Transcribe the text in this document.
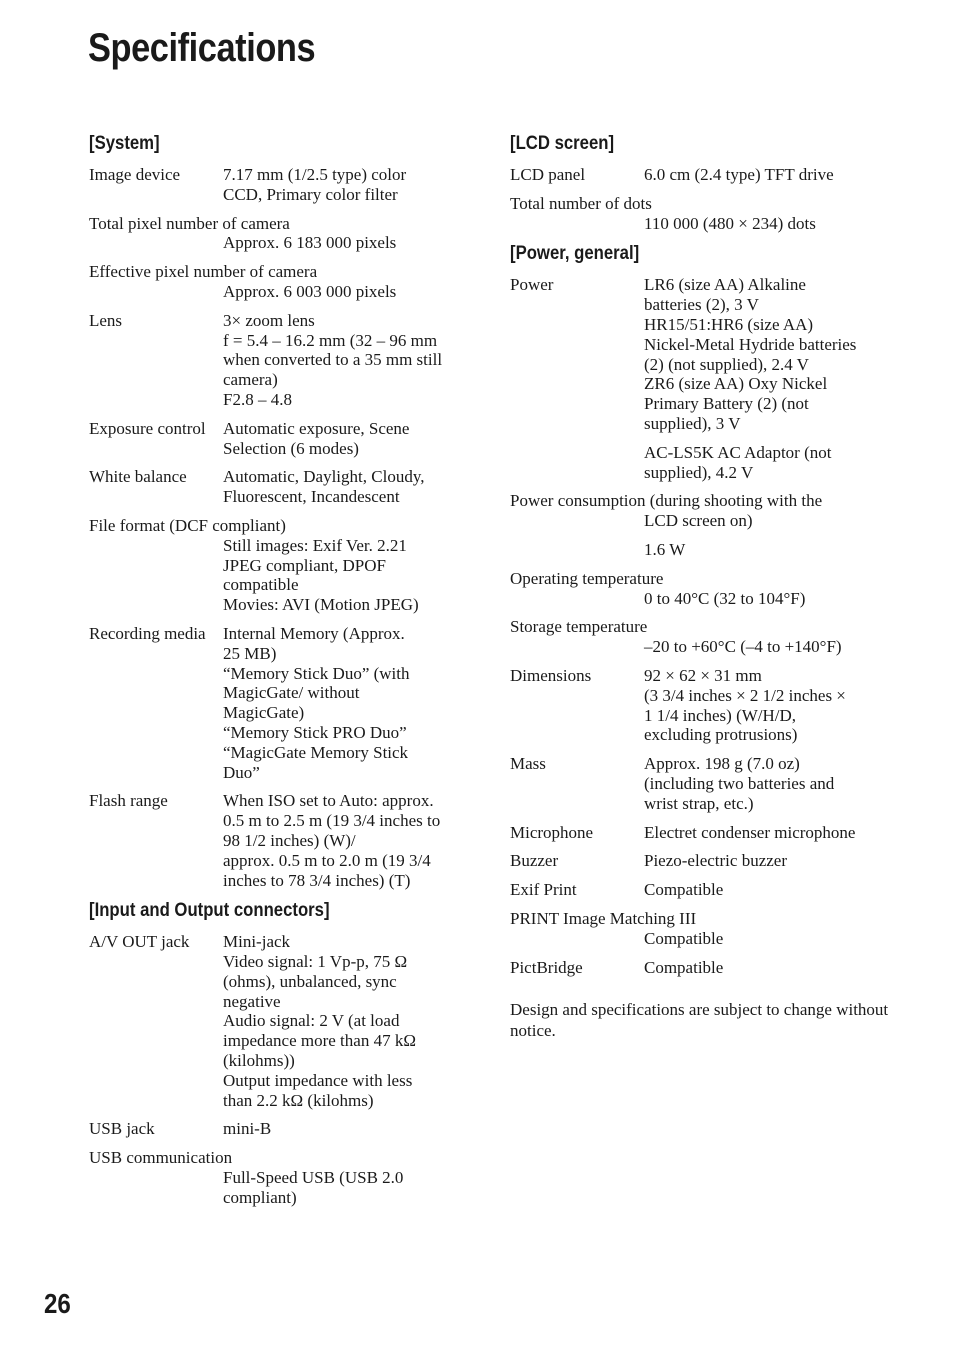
Specifications
[System]
Image device	7.17 mm (1/2.5 type) color
CCD, Primary color filter
Total pixel number of camera
Approx. 6 183 000 pixels
Effective pixel number of camera
Approx. 6 003 000 pixels
Lens	3× zoom lens
f = 5.4 – 16.2 mm (32 – 96 mm
when converted to a 35 mm still
camera)
F2.8 – 4.8
Exposure control	Automatic exposure, Scene
Selection (6 modes)
White balance	Automatic, Daylight, Cloudy,
Fluorescent, Incandescent
File format (DCF compliant)
Still images: Exif Ver. 2.21
JPEG compliant, DPOF
compatible
Movies: AVI (Motion JPEG)
Recording media	Internal Memory (Approx.
25 MB)
“Memory Stick Duo” (with
MagicGate/ without
MagicGate)
“Memory Stick PRO Duo”
“MagicGate Memory Stick
Duo”
Flash range	When ISO set to Auto: approx.
0.5 m to 2.5 m (19 3/4 inches to
98 1/2 inches) (W)/
approx. 0.5 m to 2.0 m (19 3/4
inches to 78 3/4 inches) (T)
[Input and Output connectors]
A/V OUT jack	Mini-jack
Video signal: 1 Vp-p, 75 Ω
(ohms), unbalanced, sync
negative
Audio signal: 2 V (at load
impedance more than 47 kΩ
(kilohms))
Output impedance with less
than 2.2 kΩ (kilohms)
USB jack	mini-B
USB communication
Full-Speed USB (USB 2.0
compliant)
[LCD screen]
LCD panel	6.0 cm (2.4 type) TFT drive
Total number of dots
110 000 (480 × 234) dots
[Power, general]
Power	LR6 (size AA) Alkaline
batteries (2), 3 V
HR15/51:HR6 (size AA)
Nickel-Metal Hydride batteries
(2) (not supplied), 2.4 V
ZR6 (size AA) Oxy Nickel
Primary Battery (2) (not
supplied), 3 V
AC-LS5K AC Adaptor (not
supplied), 4.2 V
Power consumption (during shooting with the
LCD screen on)
1.6 W
Operating temperature
0 to 40°C (32 to 104°F)
Storage temperature
–20 to +60°C (–4 to +140°F)
Dimensions	92 × 62 × 31 mm
(3 3/4 inches × 2 1/2 inches ×
1 1/4 inches) (W/H/D,
excluding protrusions)
Mass	Approx. 198 g (7.0 oz)
(including two batteries and
wrist strap, etc.)
Microphone	Electret condenser microphone
Buzzer	Piezo-electric buzzer
Exif Print	Compatible
PRINT Image Matching III
Compatible
PictBridge	Compatible
Design and specifications are subject to change without notice.
26
